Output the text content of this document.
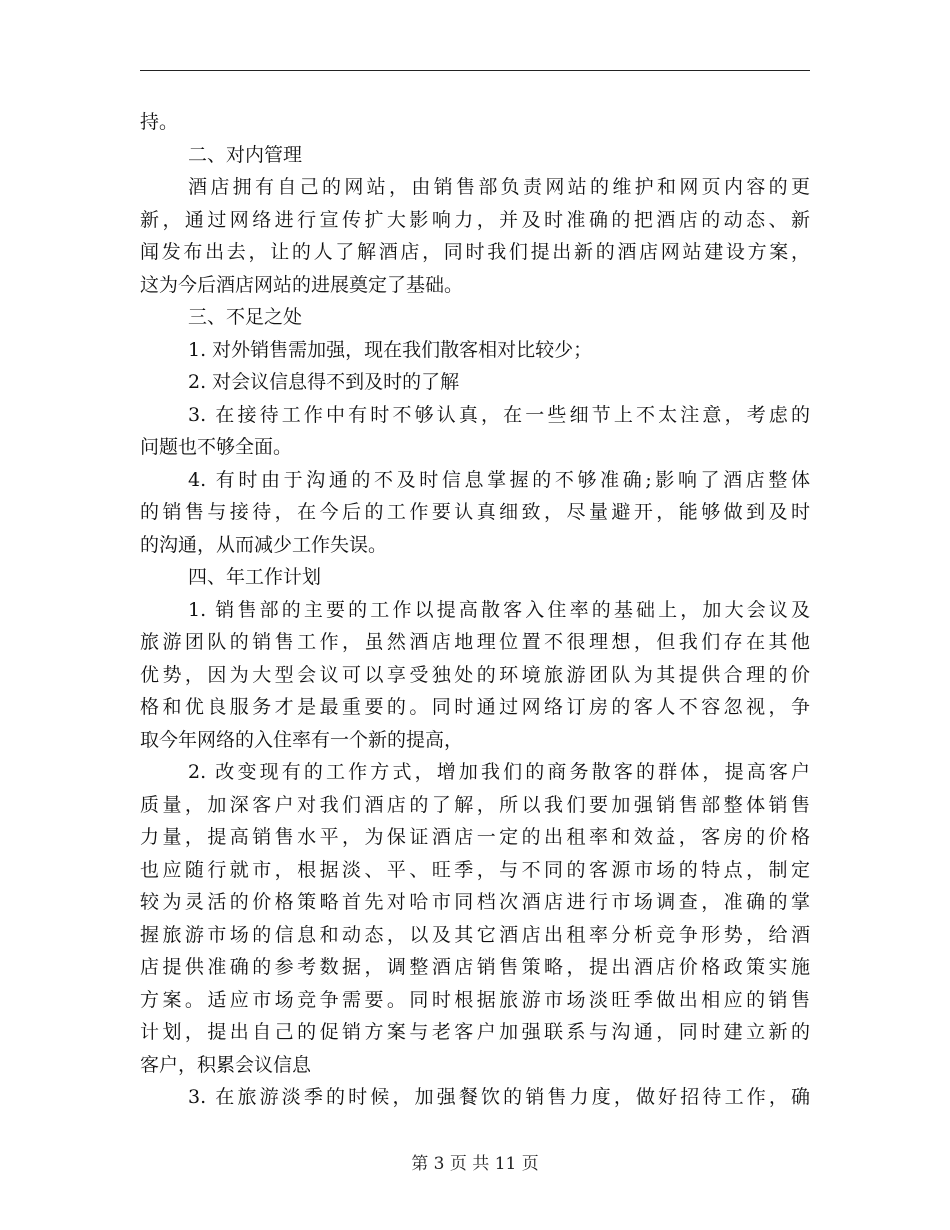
持。
二、对内管理
酒店拥有自己的网站，由销售部负责网站的维护和网页内容的更
新，通过网络进行宣传扩大影响力，并及时准确的把酒店的动态、新
闻发布出去，让的人了解酒店，同时我们提出新的酒店网站建设方案，
这为今后酒店网站的进展奠定了基础。
三、不足之处
1. 对外销售需加强，现在我们散客相对比较少；
2. 对会议信息得不到及时的了解
3. 在接待工作中有时不够认真，在一些细节上不太注意，考虑的
问题也不够全面。
4. 有时由于沟通的不及时信息掌握的不够准确;影响了酒店整体
的销售与接待，在今后的工作要认真细致，尽量避开，能够做到及时
的沟通，从而减少工作失误。
四、年工作计划
1. 销售部的主要的工作以提高散客入住率的基础上，加大会议及
旅游团队的销售工作，虽然酒店地理位置不很理想，但我们存在其他
优势，因为大型会议可以享受独处的环境旅游团队为其提供合理的价
格和优良服务才是最重要的。同时通过网络订房的客人不容忽视，争
取今年网络的入住率有一个新的提高，
2. 改变现有的工作方式，增加我们的商务散客的群体，提高客户
质量，加深客户对我们酒店的了解，所以我们要加强销售部整体销售
力量，提高销售水平，为保证酒店一定的出租率和效益，客房的价格
也应随行就市，根据淡、平、旺季，与不同的客源市场的特点，制定
较为灵活的价格策略首先对哈市同档次酒店进行市场调查，准确的掌
握旅游市场的信息和动态，以及其它酒店出租率分析竞争形势，给酒
店提供准确的参考数据，调整酒店销售策略，提出酒店价格政策实施
方案。适应市场竞争需要。同时根据旅游市场淡旺季做出相应的销售
计划，提出自己的促销方案与老客户加强联系与沟通，同时建立新的
客户，积累会议信息
3. 在旅游淡季的时候，加强餐饮的销售力度，做好招待工作，确
第 3 页 共 11 页
